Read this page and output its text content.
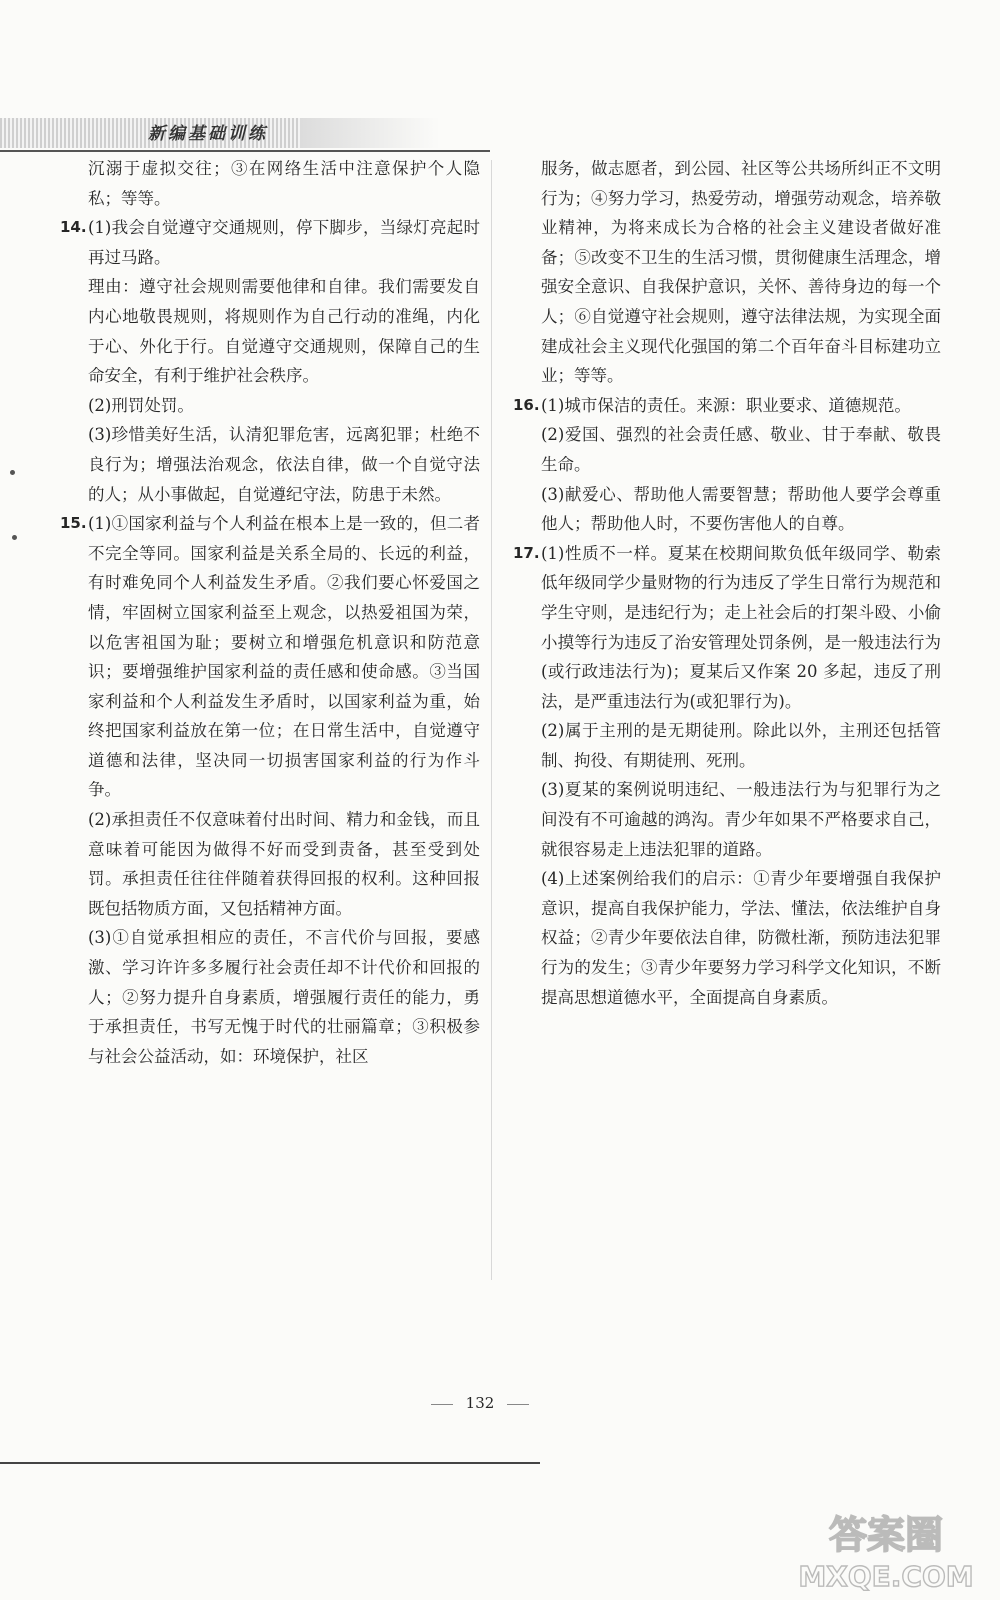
新编基础训练
沉溺于虚拟交往；③在网络生活中注意保护个人隐私；等等。
14. (1)我会自觉遵守交通规则，停下脚步，当绿灯亮起时再过马路。
理由：遵守社会规则需要他律和自律。我们需要发自内心地敬畏规则，将规则作为自己行动的准绳，内化于心、外化于行。自觉遵守交通规则，保障自己的生命安全，有利于维护社会秩序。
(2)刑罚处罚。
(3)珍惜美好生活，认清犯罪危害，远离犯罪；杜绝不良行为；增强法治观念，依法自律，做一个自觉守法的人；从小事做起，自觉遵纪守法，防患于未然。
15. (1)①国家利益与个人利益在根本上是一致的，但二者不完全等同。国家利益是关系全局的、长远的利益，有时难免同个人利益发生矛盾。②我们要心怀爱国之情，牢固树立国家利益至上观念，以热爱祖国为荣，以危害祖国为耻；要树立和增强危机意识和防范意识；要增强维护国家利益的责任感和使命感。③当国家利益和个人利益发生矛盾时，以国家利益为重，始终把国家利益放在第一位；在日常生活中，自觉遵守道德和法律，坚决同一切损害国家利益的行为作斗争。
(2)承担责任不仅意味着付出时间、精力和金钱，而且意味着可能因为做得不好而受到责备，甚至受到处罚。承担责任往往伴随着获得回报的权利。这种回报既包括物质方面，又包括精神方面。
(3)①自觉承担相应的责任，不言代价与回报，要感激、学习许许多多履行社会责任却不计代价和回报的人；②努力提升自身素质，增强履行责任的能力，勇于承担责任，书写无愧于时代的壮丽篇章；③积极参与社会公益活动，如：环境保护，社区
服务，做志愿者，到公园、社区等公共场所纠正不文明行为；④努力学习，热爱劳动，增强劳动观念，培养敬业精神，为将来成长为合格的社会主义建设者做好准备；⑤改变不卫生的生活习惯，贯彻健康生活理念，增强安全意识、自我保护意识，关怀、善待身边的每一个人；⑥自觉遵守社会规则，遵守法律法规，为实现全面建成社会主义现代化强国的第二个百年奋斗目标建功立业；等等。
16. (1)城市保洁的责任。来源：职业要求、道德规范。
(2)爱国、强烈的社会责任感、敬业、甘于奉献、敬畏生命。
(3)献爱心、帮助他人需要智慧；帮助他人要学会尊重他人；帮助他人时，不要伤害他人的自尊。
17. (1)性质不一样。夏某在校期间欺负低年级同学、勒索低年级同学少量财物的行为违反了学生日常行为规范和学生守则，是违纪行为；走上社会后的打架斗殴、小偷小摸等行为违反了治安管理处罚条例，是一般违法行为(或行政违法行为)；夏某后又作案 20 多起，违反了刑法，是严重违法行为(或犯罪行为)。
(2)属于主刑的是无期徒刑。除此以外，主刑还包括管制、拘役、有期徒刑、死刑。
(3)夏某的案例说明违纪、一般违法行为与犯罪行为之间没有不可逾越的鸿沟。青少年如果不严格要求自己，就很容易走上违法犯罪的道路。
(4)上述案例给我们的启示：①青少年要增强自我保护意识，提高自我保护能力，学法、懂法，依法维护自身权益；②青少年要依法自律，防微杜渐，预防违法犯罪行为的发生；③青少年要努力学习科学文化知识，不断提高思想道德水平，全面提高自身素质。
132
答案圈
MXQE.COM
